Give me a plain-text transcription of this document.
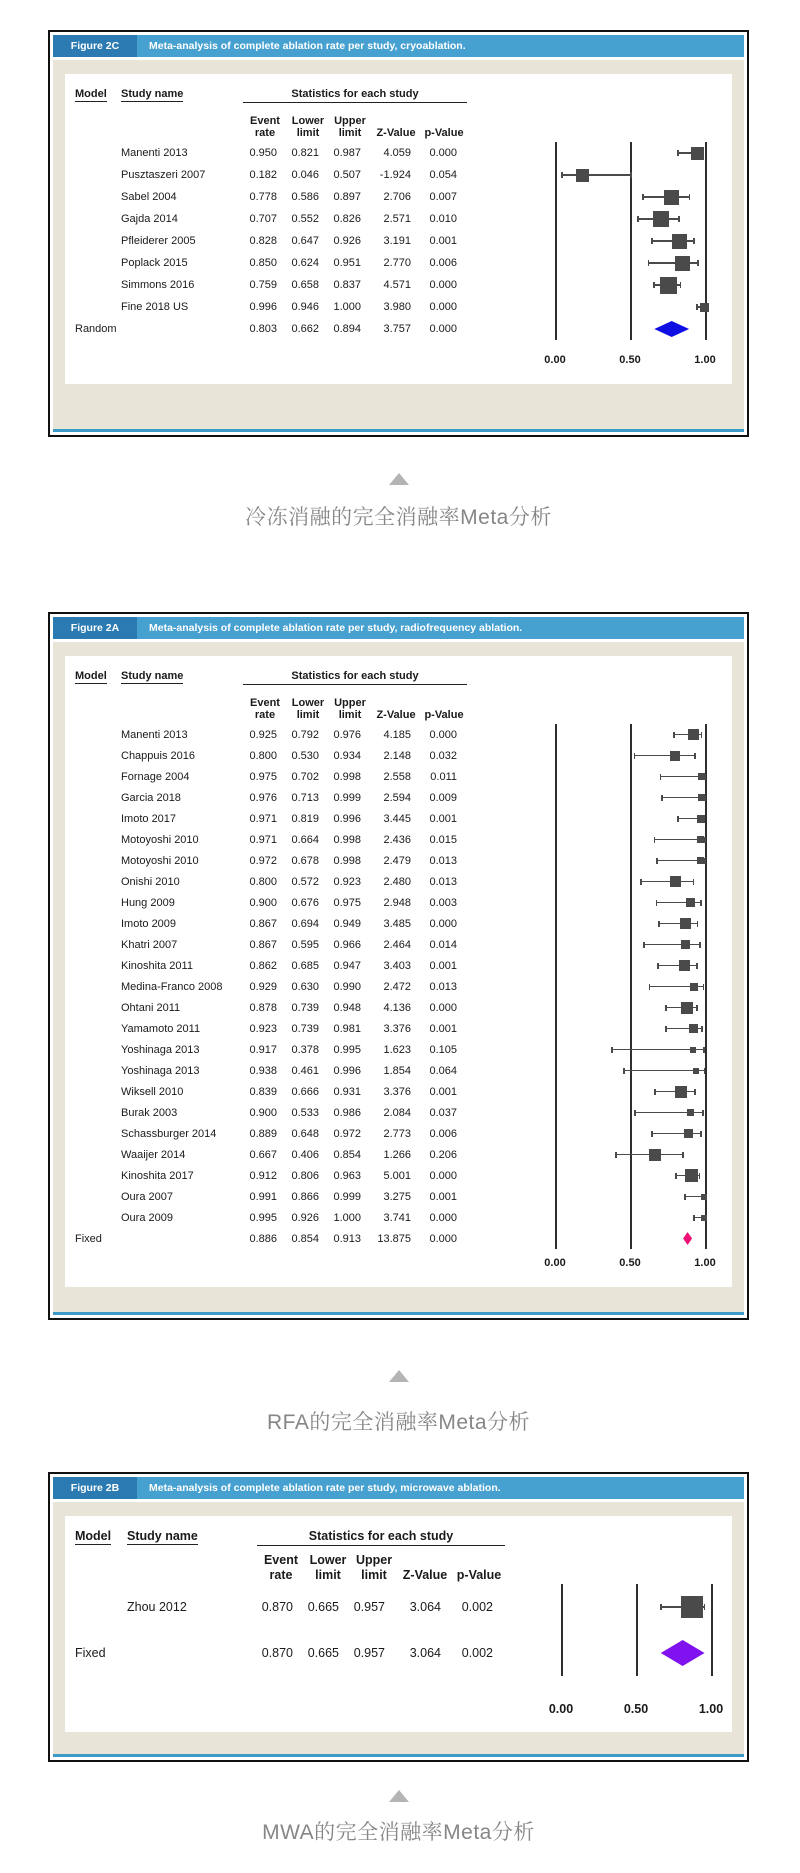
Figure 2C	Meta-analysis of complete ablation rate per study, cryoablation.
Model	Study name	Statistics for each study
Event
rate
Lower
limit
Upper
limit	Z-Value p-Value
Manenti 2013	0.950	0.821	0.987	4.059	0.000
Pusztaszeri 2007	0.182	0.046	0.507	-1.924	0.054
Sabel 2004	0.778	0.586	0.897	2.706	0.007
Gajda 2014	0.707	0.552	0.826	2.571	0.010
Pfleiderer 2005	0.828	0.647	0.926	3.191	0.001
Poplack 2015	0.850	0.624	0.951	2.770	0.006
Simmons 2016	0.759	0.658	0.837	4.571	0.000
Fine 2018 US	0.996	0.946	1.000	3.980	0.000
Random	0.803	0.662	0.894	3.757	0.000
0.00	0.50	1.00
冷冻消融的完全消融率Meta分析
Figure 2A	Meta-analysis of complete ablation rate per study, radiofrequency ablation.
Model	Study name	Statistics for each study
Event
rate
Lower
limit
Upper
limit	Z-Value p-Value
Manenti 2013	0.925	0.792	0.976	4.185	0.000
Chappuis 2016	0.800	0.530	0.934	2.148	0.032
Fornage 2004	0.975	0.702	0.998	2.558	0.011
Garcia 2018	0.976	0.713	0.999	2.594	0.009
Imoto 2017	0.971	0.819	0.996	3.445	0.001
Motoyoshi 2010	0.971	0.664	0.998	2.436	0.015
Motoyoshi 2010	0.972	0.678	0.998	2.479	0.013
Onishi 2010	0.800	0.572	0.923	2.480	0.013
Hung 2009	0.900	0.676	0.975	2.948	0.003
Imoto 2009	0.867	0.694	0.949	3.485	0.000
Khatri 2007	0.867	0.595	0.966	2.464	0.014
Kinoshita 2011	0.862	0.685	0.947	3.403	0.001
Medina-Franco 2008	0.929	0.630	0.990	2.472	0.013
Ohtani 2011	0.878	0.739	0.948	4.136	0.000
Yamamoto 2011	0.923	0.739	0.981	3.376	0.001
Yoshinaga 2013	0.917	0.378	0.995	1.623	0.105
Yoshinaga 2013	0.938	0.461	0.996	1.854	0.064
Wiksell 2010	0.839	0.666	0.931	3.376	0.001
Burak 2003	0.900	0.533	0.986	2.084	0.037
Schassburger 2014	0.889	0.648	0.972	2.773	0.006
Waaijer 2014	0.667	0.406	0.854	1.266	0.206
Kinoshita 2017	0.912	0.806	0.963	5.001	0.000
Oura 2007	0.991	0.866	0.999	3.275	0.001
Oura 2009	0.995	0.926	1.000	3.741	0.000
Fixed	0.886	0.854	0.913	13.875	0.000
0.00	0.50	1.00
RFA的完全消融率Meta分析
Figure 2B	Meta-analysis of complete ablation rate per study, microwave ablation.
Model	Study name	Statistics for each study
Event
rate
Lower
limit
Upper
limit	Z-Value p-Value
Zhou 2012	0.870	0.665	0.957	3.064	0.002
Fixed	0.870	0.665	0.957	3.064	0.002
0.00	0.50	1.00
MWA的完全消融率Meta分析
